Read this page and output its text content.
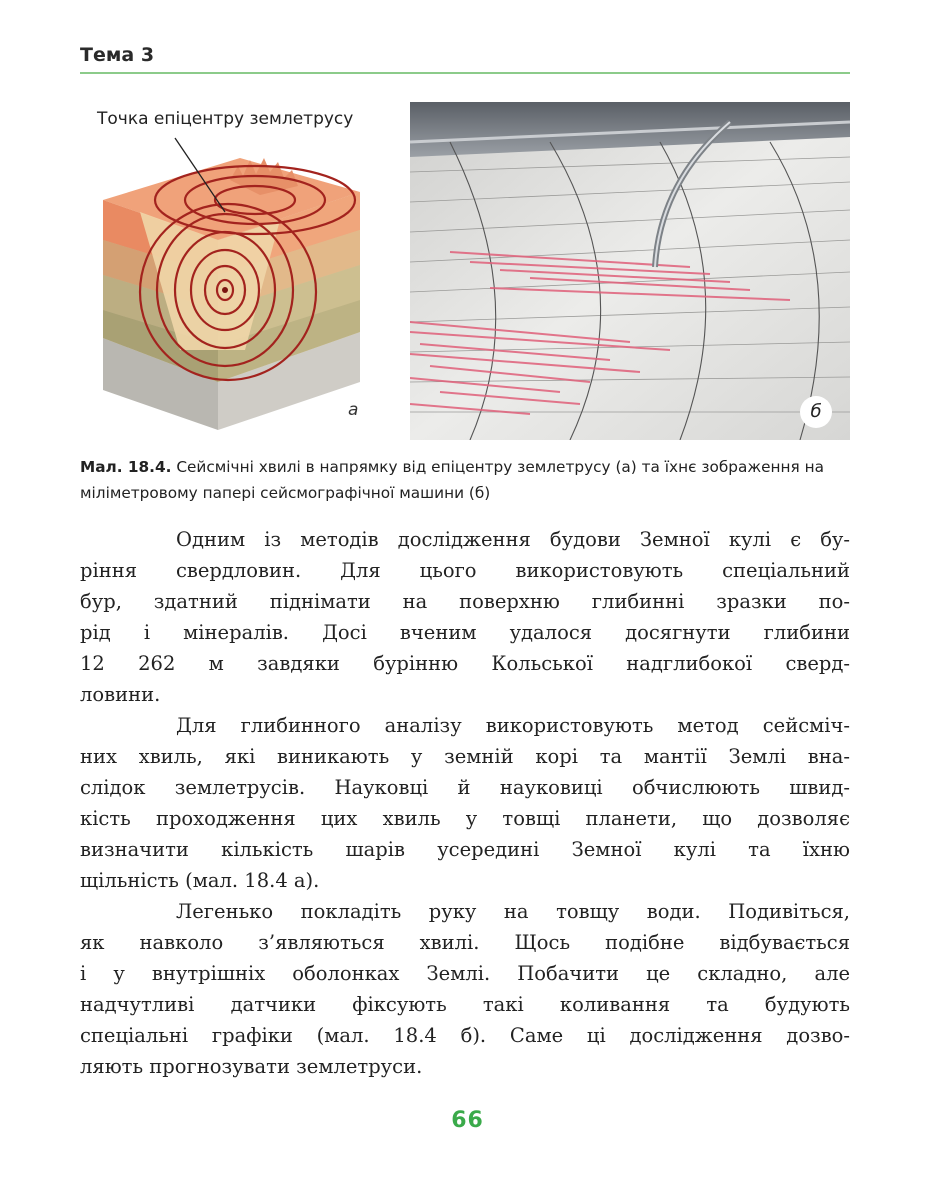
Тема 3
Точка епіцентру землетрусу
а	б
Мал. 18.4. Сейсмічні хвилі в напрямку від епіцентру землетрусу (а) та їхнє зображення на міліметровому папері сейсмографічної машини (б)
Одним із методів дослідження будови Земної кулі є бу-
ріння свердловин. Для цього використовують спеціальний
бур, здатний піднімати на поверхню глибинні зразки по-
рід і мінералів. Досі вченим удалося досягнути глибини
12 262 м завдяки бурінню Кольської надглибокої сверд-
ловини.
Для глибинного аналізу використовують метод сейсміч-
них хвиль, які виникають у земній корі та мантії Землі вна-
слідок землетрусів. Науковці й науковиці обчислюють швид-
кість проходження цих хвиль у товщі планети, що дозволяє
визначити кількість шарів усередині Земної кулі та їхню
щільність (мал. 18.4 а).
Легенько покладіть руку на товщу води. Подивіться,
як навколо з’являються хвилі. Щось подібне відбувається
і у внутрішніх оболонках Землі. Побачити це складно, але
надчутливі датчики фіксують такі коливання та будують
спеціальні графіки (мал. 18.4 б). Саме ці дослідження дозво-
ляють прогнозувати землетруси.
66
